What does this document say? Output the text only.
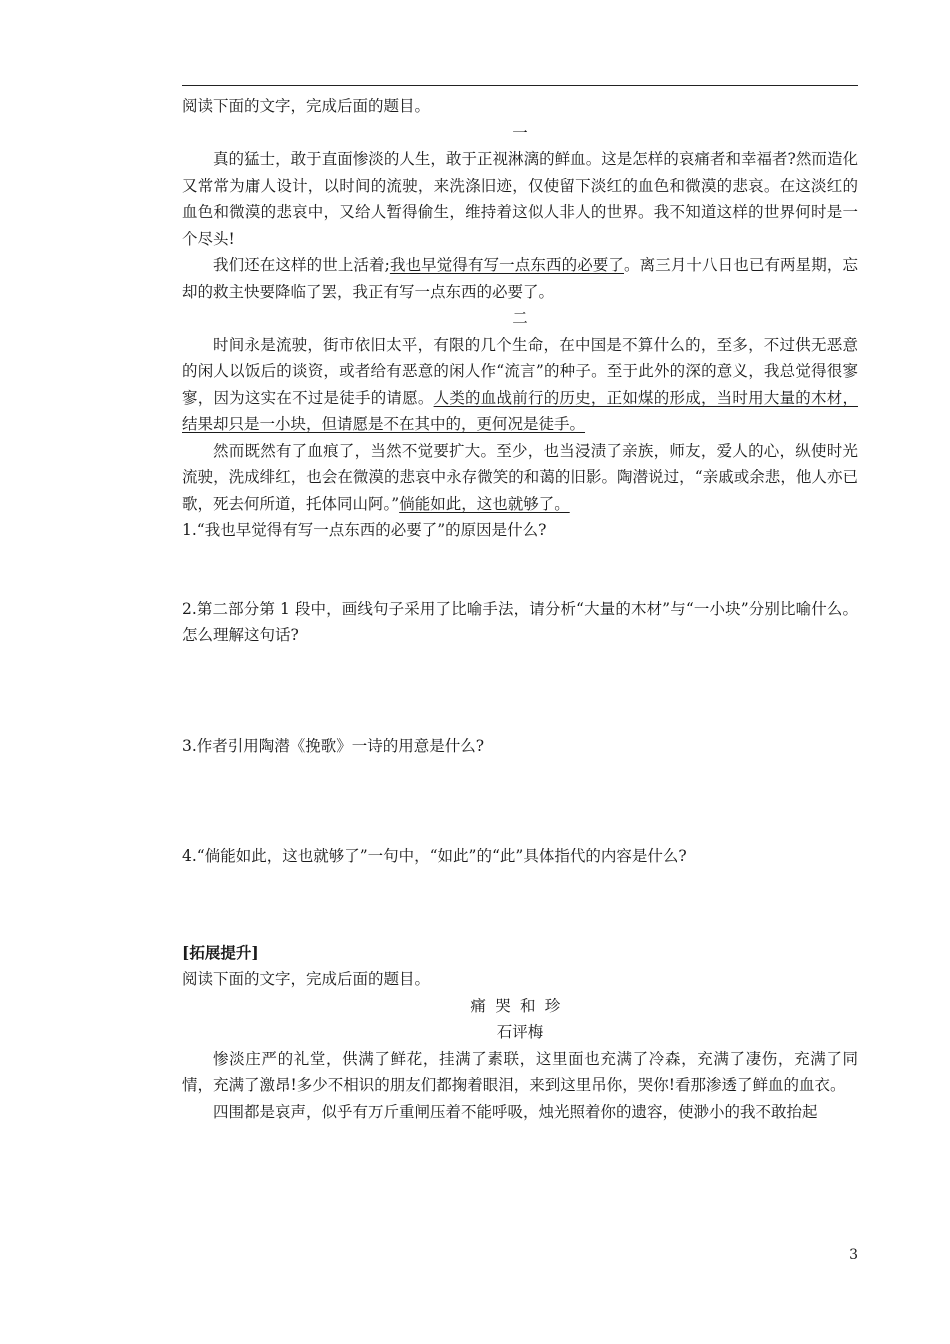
阅读下面的文字，完成后面的题目。

一

真的猛士，敢于直面惨淡的人生，敢于正视淋漓的鲜血。这是怎样的哀痛者和幸福者?然而造化又常常为庸人设计，以时间的流驶，来洗涤旧迹，仅使留下淡红的血色和微漠的悲哀。在这淡红的血色和微漠的悲哀中，又给人暂得偷生，维持着这似人非人的世界。我不知道这样的世界何时是一个尽头!

我们还在这样的世上活着;我也早觉得有写一点东西的必要了。离三月十八日也已有两星期，忘却的救主快要降临了罢，我正有写一点东西的必要了。

二

时间永是流驶，街市依旧太平，有限的几个生命，在中国是不算什么的，至多，不过供无恶意的闲人以饭后的谈资，或者给有恶意的闲人作“流言”的种子。至于此外的深的意义，我总觉得很寥寥，因为这实在不过是徒手的请愿。人类的血战前行的历史，正如煤的形成，当时用大量的木材，结果却只是一小块，但请愿是不在其中的，更何况是徒手。

然而既然有了血痕了，当然不觉要扩大。至少，也当浸渍了亲族，师友，爱人的心，纵使时光流驶，洗成绯红，也会在微漠的悲哀中永存微笑的和蔼的旧影。陶潜说过，“亲戚或余悲，他人亦已歌，死去何所道，托体同山阿。”倘能如此，这也就够了。

1.“我也早觉得有写一点东西的必要了”的原因是什么?

2.第二部分第 1 段中，画线句子采用了比喻手法，请分析“大量的木材”与“一小块”分别比喻什么。怎么理解这句话?

3.作者引用陶潜《挽歌》一诗的用意是什么?

4.“倘能如此，这也就够了”一句中，“如此”的“此”具体指代的内容是什么?

[拓展提升]

阅读下面的文字，完成后面的题目。

痛哭和珍

石评梅

惨淡庄严的礼堂，供满了鲜花，挂满了素联，这里面也充满了冷森，充满了凄伤，充满了同情，充满了激昂!多少不相识的朋友们都掬着眼泪，来到这里吊你，哭你!看那渗透了鲜血的血衣。

四围都是哀声，似乎有万斤重闸压着不能呼吸，烛光照着你的遗容，使渺小的我不敢抬起

3
